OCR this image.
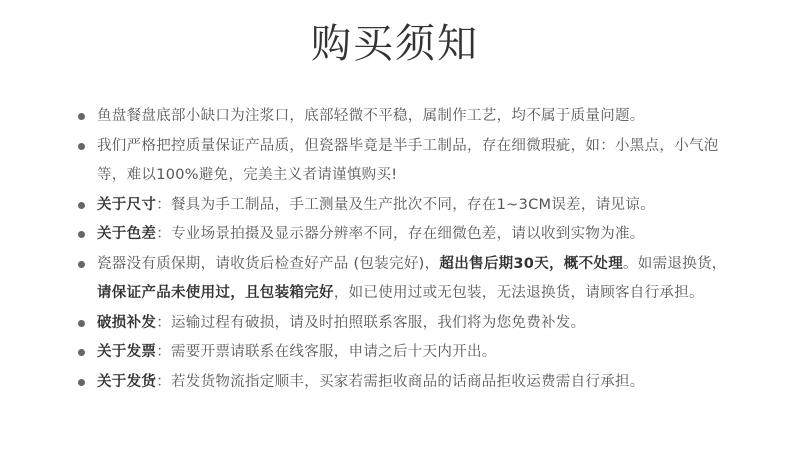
购买须知
鱼盘餐盘底部小缺口为注浆口，底部轻微不平稳，属制作工艺，均不属于质量问题。
我们严格把控质量保证产品质，但瓷器毕竟是半手工制品，存在细微瑕疵，如：小黑点，小气泡等，难以100%避免，完美主义者请谨慎购买!
关于尺寸：餐具为手工制品，手工测量及生产批次不同，存在1~3CM误差，请见谅。
关于色差：专业场景拍摄及显示器分辨率不同，存在细微色差，请以收到实物为准。
瓷器没有质保期，请收货后检查好产品 (包装完好)，超出售后期30天，概不处理。如需退换货，请保证产品未使用过，且包装箱完好，如已使用过或无包装，无法退换货，请顾客自行承担。
破损补发：运输过程有破损，请及时拍照联系客服，我们将为您免费补发。
关于发票：需要开票请联系在线客服，申请之后十天内开出。
关于发货：若发货物流指定顺丰，买家若需拒收商品的话商品拒收运费需自行承担。
